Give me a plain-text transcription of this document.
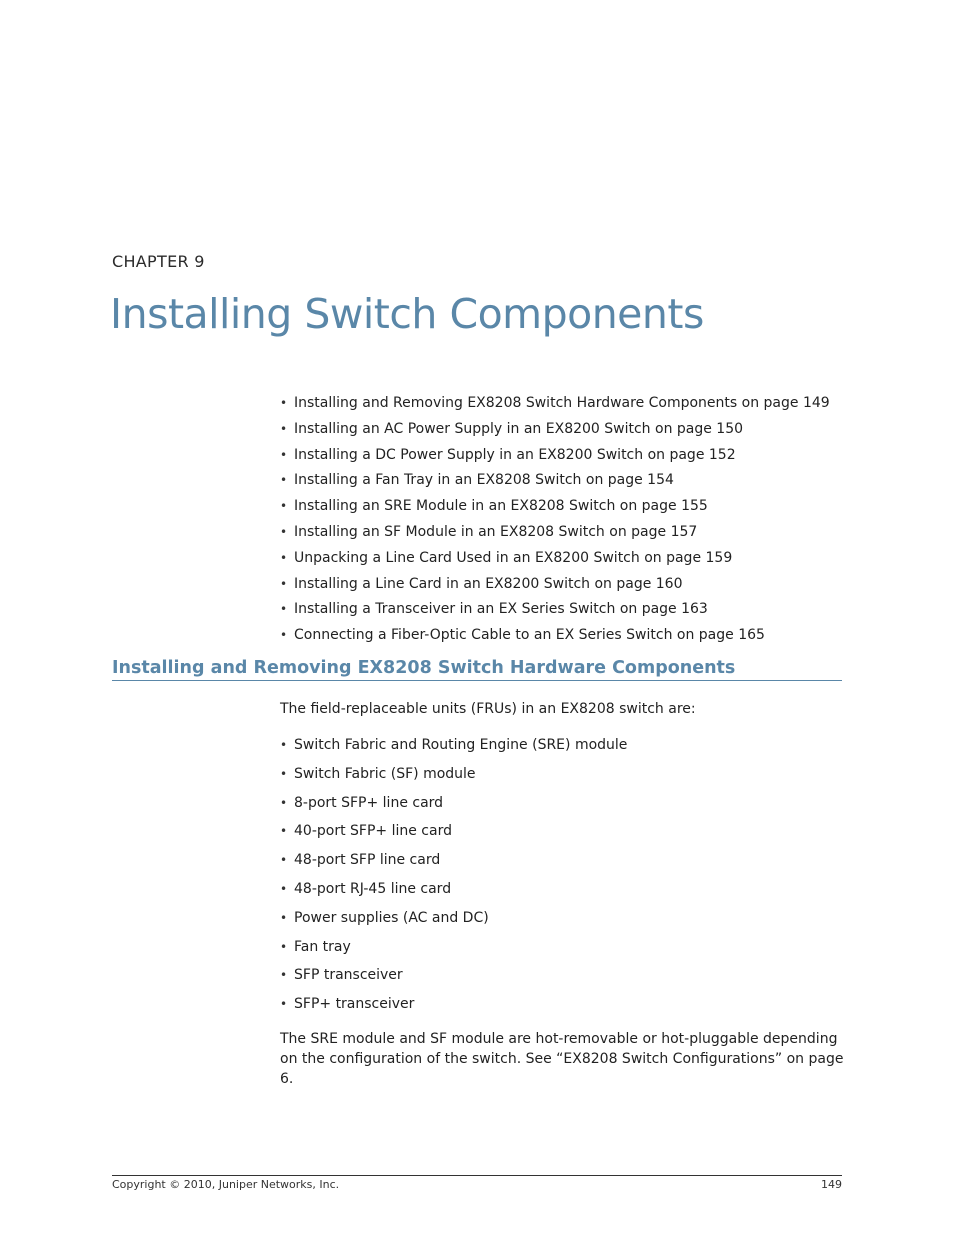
CHAPTER 9

Installing Switch Components
• Installing and Removing EX8208 Switch Hardware Components on page 149
• Installing an AC Power Supply in an EX8200 Switch on page 150
• Installing a DC Power Supply in an EX8200 Switch on page 152
• Installing a Fan Tray in an EX8208 Switch on page 154
• Installing an SRE Module in an EX8208 Switch on page 155
• Installing an SF Module in an EX8208 Switch on page 157
• Unpacking a Line Card Used in an EX8200 Switch on page 159
• Installing a Line Card in an EX8200 Switch on page 160
• Installing a Transceiver in an EX Series Switch on page 163
• Connecting a Fiber-Optic Cable to an EX Series Switch on page 165
Installing and Removing EX8208 Switch Hardware Components

The field-replaceable units (FRUs) in an EX8208 switch are:

• Switch Fabric and Routing Engine (SRE) module
• Switch Fabric (SF) module
• 8-port SFP+ line card
• 40-port SFP+ line card
• 48-port SFP line card
• 48-port RJ-45 line card
• Power supplies (AC and DC)
• Fan tray
• SFP transceiver
• SFP+ transceiver

The SRE module and SF module are hot-removable or hot-pluggable depending on the configuration of the switch. See “EX8208 Switch Configurations” on page 6.

Copyright © 2010, Juniper Networks, Inc.	149
